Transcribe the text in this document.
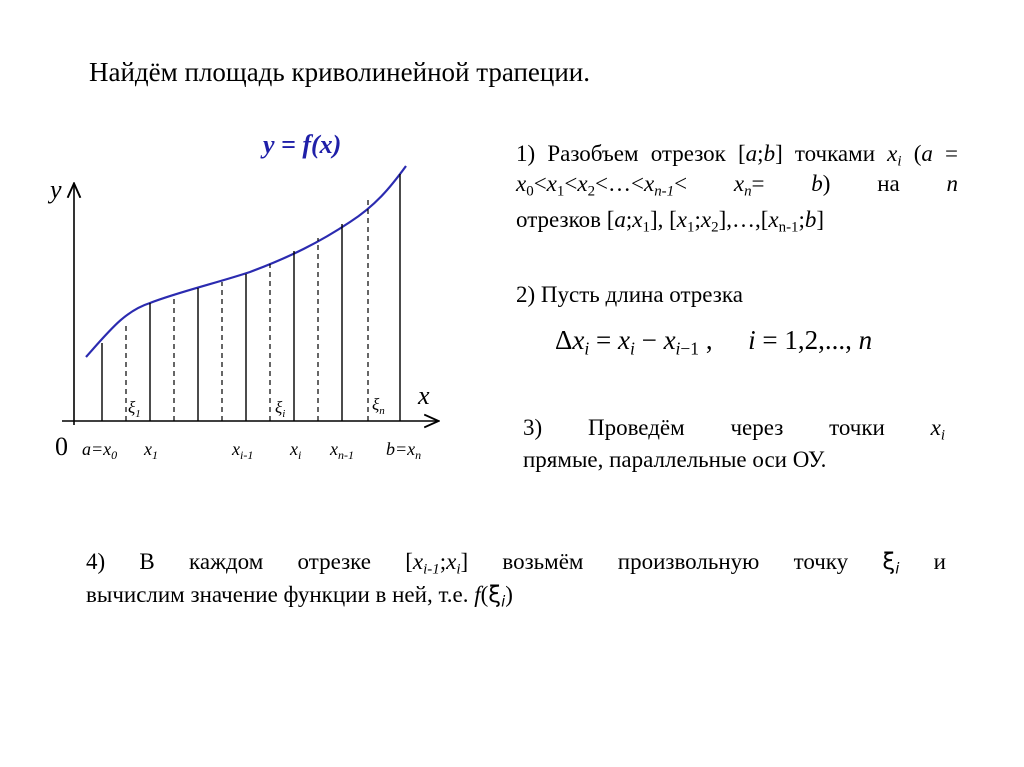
Найдём площадь криволинейной трапеции.
y
x
0
$\xi_1$	$\xi_i$	$\xi_n$
$a=x_0$ $x_1$	$x_{i-1}$ $x_i$ $x_{n-1}$ $b=x_n$
y = f(x)	1) Разобъем отрезок [a;b] точками $x_i$ $(a = x_0<x_1<x_2<\dots<x_{n-1}< x_n= b)$ на n
отрезков $[a;x_1]$, $[x_1;x_2],\dots,[x_{n-1};b]$
2) Пусть длина отрезка
$\Delta x_i = x_i - x_{i-1}$ ,  i = 1,2,..., n
3) Проведём через точки $x_i$
прямые, параллельные оси ОУ.
4) В каждом отрезке $[x_{i-1};x_i]$ возьмём произвольную точку $\xi_i$ и
вычислим значение функции в ней, т.е. $f(\xi_i)$
